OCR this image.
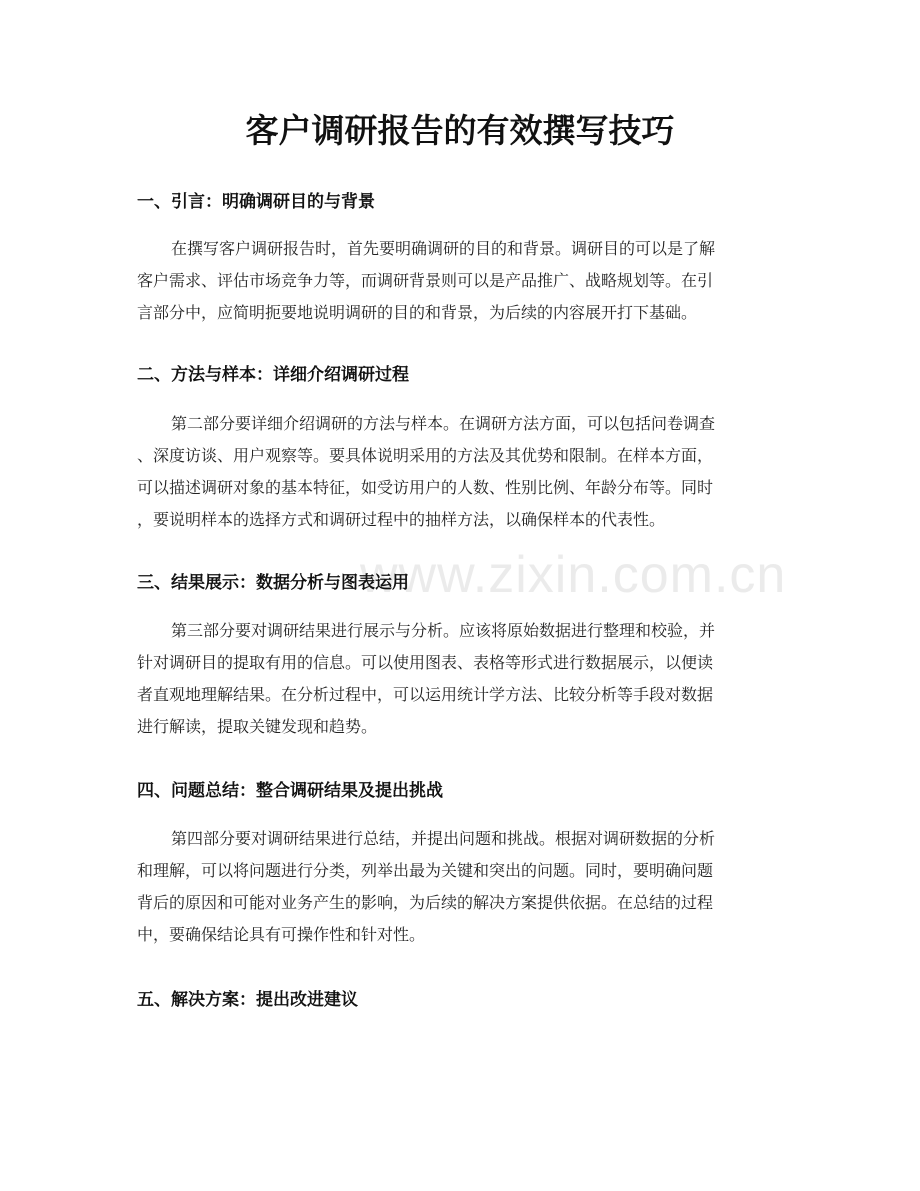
www.zixin.com.cn
客户调研报告的有效撰写技巧
一、引言：明确调研目的与背景
在撰写客户调研报告时，首先要明确调研的目的和背景。调研目的可以是了解
客户需求、评估市场竞争力等，而调研背景则可以是产品推广、战略规划等。在引
言部分中，应简明扼要地说明调研的目的和背景，为后续的内容展开打下基础。
二、方法与样本：详细介绍调研过程
第二部分要详细介绍调研的方法与样本。在调研方法方面，可以包括问卷调查
、深度访谈、用户观察等。要具体说明采用的方法及其优势和限制。在样本方面，
可以描述调研对象的基本特征，如受访用户的人数、性别比例、年龄分布等。同时
，要说明样本的选择方式和调研过程中的抽样方法，以确保样本的代表性。
三、结果展示：数据分析与图表运用
第三部分要对调研结果进行展示与分析。应该将原始数据进行整理和校验，并
针对调研目的提取有用的信息。可以使用图表、表格等形式进行数据展示，以便读
者直观地理解结果。在分析过程中，可以运用统计学方法、比较分析等手段对数据
进行解读，提取关键发现和趋势。
四、问题总结：整合调研结果及提出挑战
第四部分要对调研结果进行总结，并提出问题和挑战。根据对调研数据的分析
和理解，可以将问题进行分类，列举出最为关键和突出的问题。同时，要明确问题
背后的原因和可能对业务产生的影响，为后续的解决方案提供依据。在总结的过程
中，要确保结论具有可操作性和针对性。
五、解决方案：提出改进建议
